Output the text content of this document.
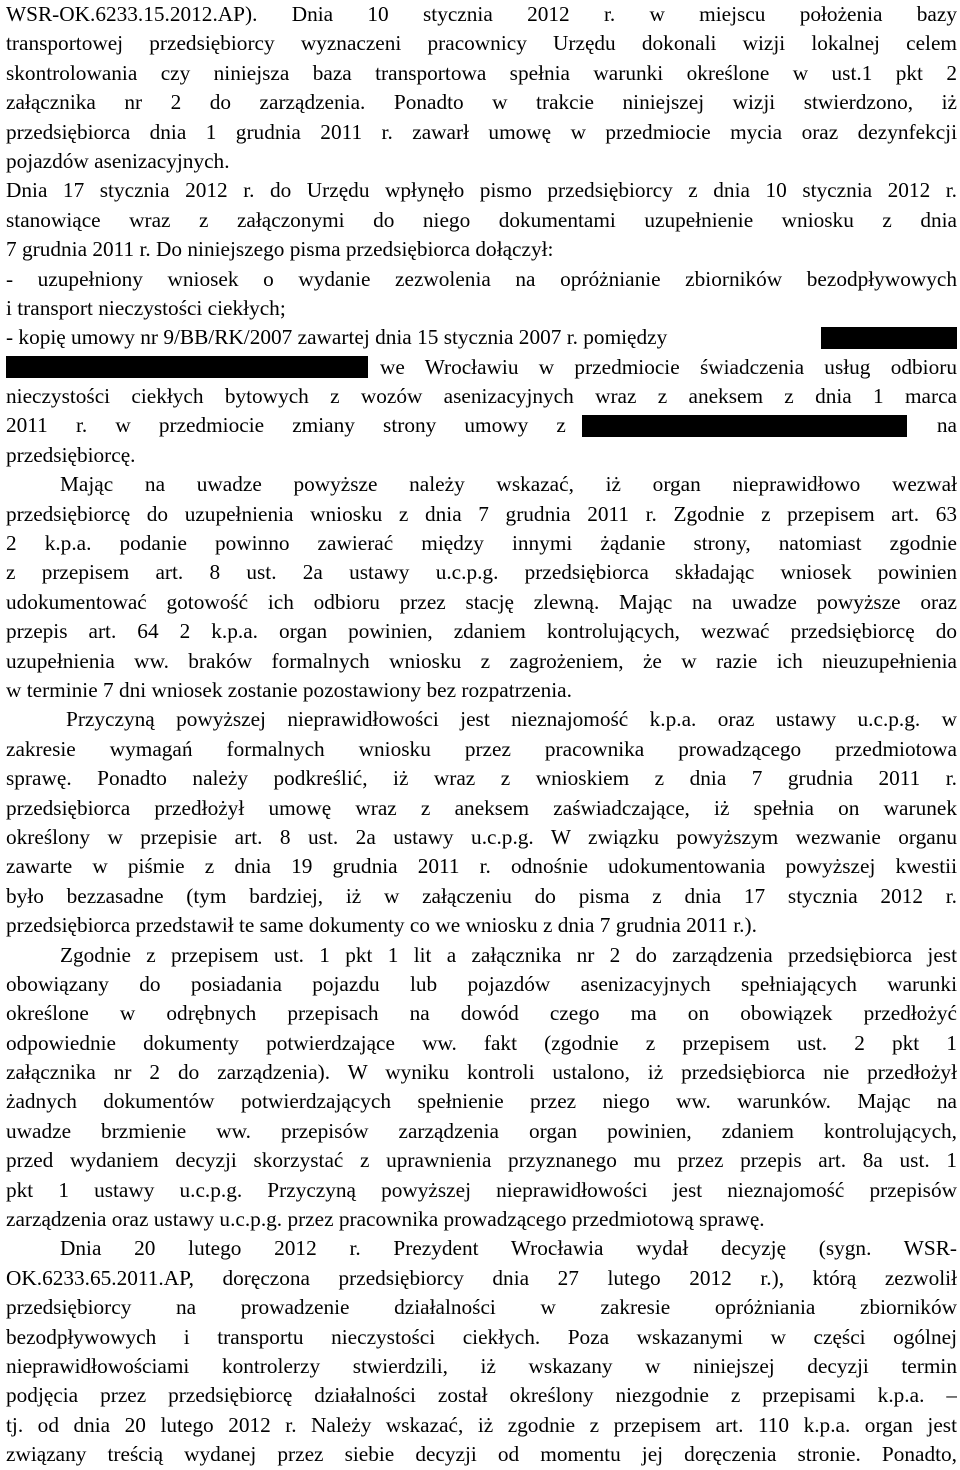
WSR-OK.6233.15.2012.AP). Dnia 10 stycznia 2012 r. w miejscu położenia bazy
transportowej przedsiębiorcy wyznaczeni pracownicy Urzędu dokonali wizji lokalnej celem
skontrolowania czy niniejsza baza transportowa spełnia warunki określone w ust.1 pkt 2
załącznika nr 2 do zarządzenia. Ponadto w trakcie niniejszej wizji stwierdzono, iż
przedsiębiorca dnia 1 grudnia 2011 r. zawarł umowę w przedmiocie mycia oraz dezynfekcji
pojazdów asenizacyjnych.
Dnia 17 stycznia 2012 r. do Urzędu wpłynęło pismo przedsiębiorcy z dnia 10 stycznia 2012 r.
stanowiące wraz z załączonymi do niego dokumentami uzupełnienie wniosku z dnia
7 grudnia 2011 r. Do niniejszego pisma przedsiębiorca dołączył:
- uzupełniony wniosek o wydanie zezwolenia na opróżnianie zbiorników bezodpływowych
i transport nieczystości ciekłych;
- kopię umowy nr 9/BB/RK/2007 zawartej dnia 15 stycznia 2007 r. pomiędzy
we Wrocławiu w przedmiocie świadczenia usług odbioru
nieczystości ciekłych bytowych z wozów asenizacyjnych wraz z aneksem z dnia 1 marca
2011 r. w przedmiocie zmiany strony umowy z	na
przedsiębiorcę.
Mając na uwadze powyższe należy wskazać, iż organ nieprawidłowo wezwał
przedsiębiorcę do uzupełnienia wniosku z dnia 7 grudnia 2011 r. Zgodnie z przepisem art. 63
2 k.p.a. podanie powinno zawierać między innymi żądanie strony, natomiast zgodnie
z przepisem art. 8 ust. 2a ustawy u.c.p.g. przedsiębiorca składając wniosek powinien
udokumentować gotowość ich odbioru przez stację zlewną. Mając na uwadze powyższe oraz
przepis art. 64 2 k.p.a. organ powinien, zdaniem kontrolujących, wezwać przedsiębiorcę do
uzupełnienia ww. braków formalnych wniosku z zagrożeniem, że w razie ich nieuzupełnienia
w terminie 7 dni wniosek zostanie pozostawiony bez rozpatrzenia.
Przyczyną powyższej nieprawidłowości jest nieznajomość k.p.a. oraz ustawy u.c.p.g. w
zakresie wymagań formalnych wniosku przez pracownika prowadzącego przedmiotowa
sprawę. Ponadto należy podkreślić, iż wraz z wnioskiem z dnia 7 grudnia 2011 r.
przedsiębiorca przedłożył umowę wraz z aneksem zaświadczające, iż spełnia on warunek
określony w przepisie art. 8 ust. 2a ustawy u.c.p.g. W związku powyższym wezwanie organu
zawarte w piśmie z dnia 19 grudnia 2011 r. odnośnie udokumentowania powyższej kwestii
było bezzasadne (tym bardziej, iż w załączeniu do pisma z dnia 17 stycznia 2012 r.
przedsiębiorca przedstawił te same dokumenty co we wniosku z dnia 7 grudnia 2011 r.).
Zgodnie z przepisem ust. 1 pkt 1 lit a załącznika nr 2 do zarządzenia przedsiębiorca jest
obowiązany do posiadania pojazdu lub pojazdów asenizacyjnych spełniających warunki
określone w odrębnych przepisach na dowód czego ma on obowiązek przedłożyć
odpowiednie dokumenty potwierdzające ww. fakt (zgodnie z przepisem ust. 2 pkt 1
załącznika nr 2 do zarządzenia). W wyniku kontroli ustalono, iż przedsiębiorca nie przedłożył
żadnych dokumentów potwierdzających spełnienie przez niego ww. warunków. Mając na
uwadze brzmienie ww. przepisów zarządzenia organ powinien, zdaniem kontrolujących,
przed wydaniem decyzji skorzystać z uprawnienia przyznanego mu przez przepis art. 8a ust. 1
pkt 1 ustawy u.c.p.g. Przyczyną powyższej nieprawidłowości jest nieznajomość przepisów
zarządzenia oraz ustawy u.c.p.g. przez pracownika prowadzącego przedmiotową sprawę.
Dnia 20 lutego 2012 r. Prezydent Wrocławia wydał decyzję (sygn. WSR-
OK.6233.65.2011.AP, doręczona przedsiębiorcy dnia 27 lutego 2012 r.), którą zezwolił
przedsiębiorcy na prowadzenie działalności w zakresie opróżniania zbiorników
bezodpływowych i transportu nieczystości ciekłych. Poza wskazanymi w części ogólnej
nieprawidłowościami kontrolerzy stwierdzili, iż wskazany w niniejszej decyzji termin
podjęcia przez przedsiębiorcę działalności został określony niezgodnie z przepisami k.p.a. –
tj. od dnia 20 lutego 2012 r. Należy wskazać, iż zgodnie z przepisem art. 110 k.p.a. organ jest
związany treścią wydanej przez siebie decyzji od momentu jej doręczenia stronie. Ponadto,
